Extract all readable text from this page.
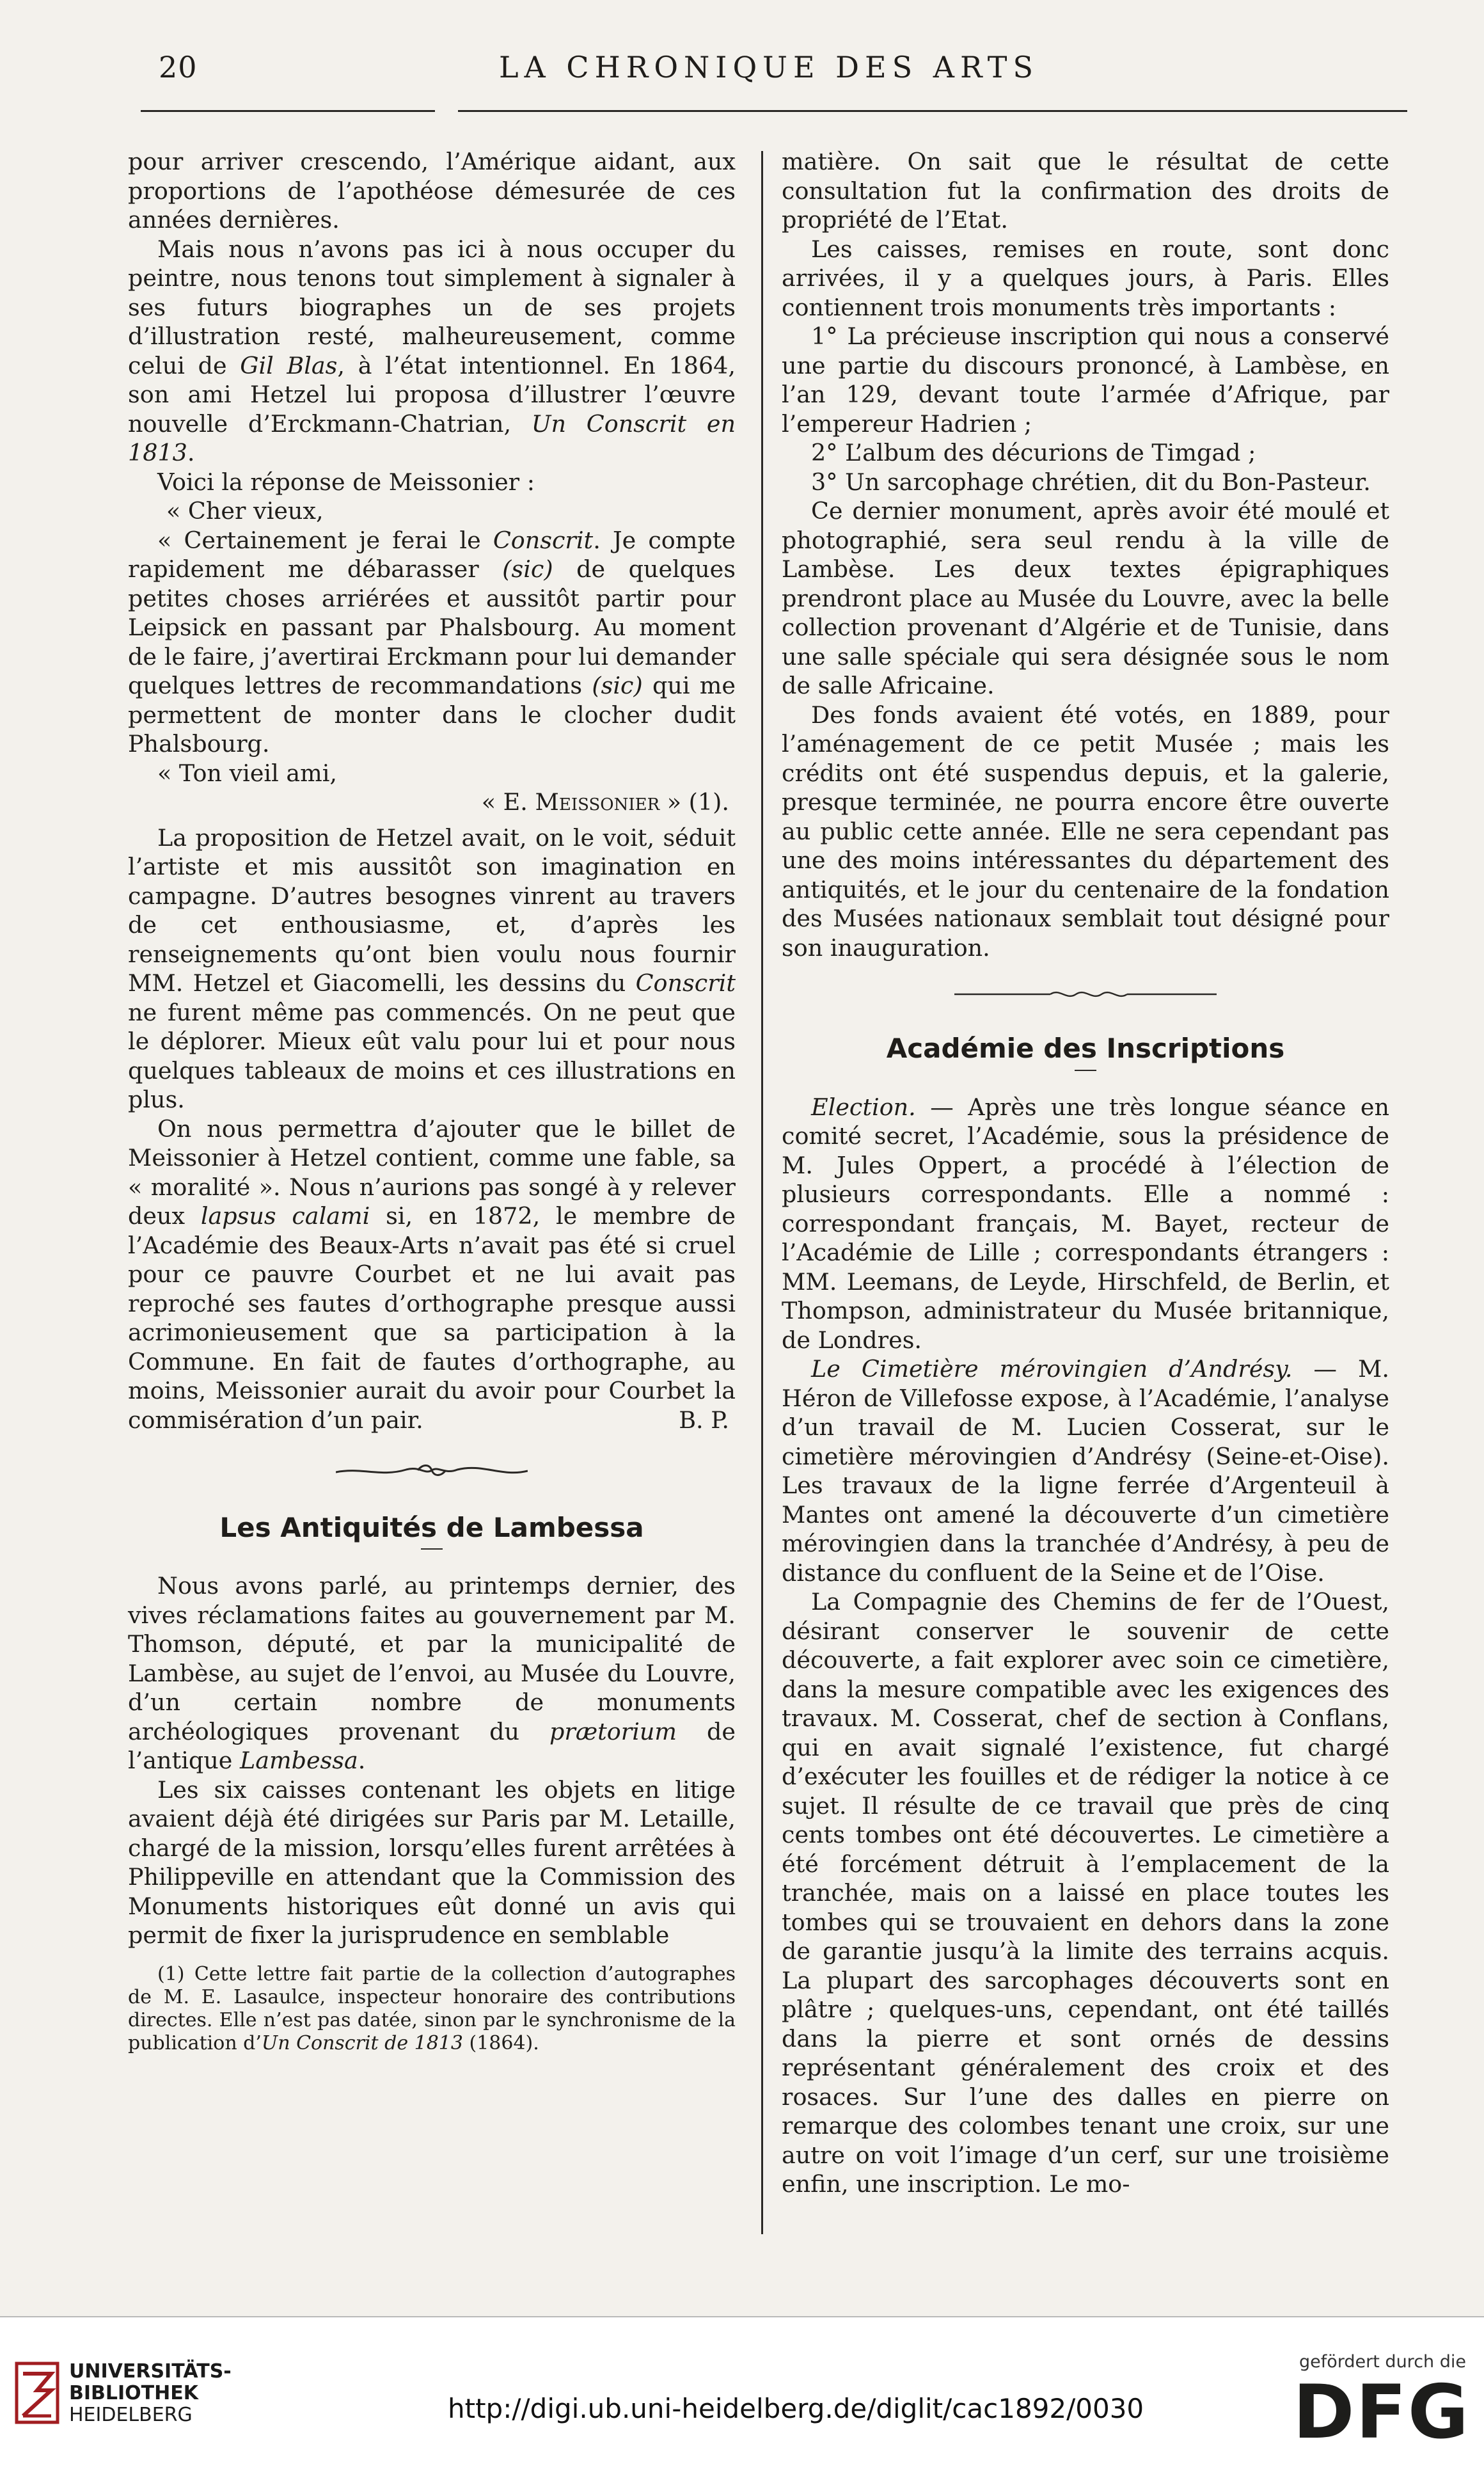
20	LA CHRONIQUE DES ARTS

pour arriver crescendo, l’Amérique aidant, aux proportions de l’apothéose démesurée de ces années dernières.

Mais nous n’avons pas ici à nous occuper du peintre, nous tenons tout simplement à signaler à ses futurs biographes un de ses projets d’illustration resté, malheureusement, comme celui de Gil Blas, à l’état intentionnel. En 1864, son ami Hetzel lui proposa d’illustrer l’œuvre nouvelle d’Erckmann-Chatrian, Un Conscrit en 1813.

Voici la réponse de Meissonier :

« Cher vieux,

« Certainement je ferai le Conscrit. Je compte rapidement me débarasser (sic) de quelques petites choses arriérées et aussitôt partir pour Leipsick en passant par Phalsbourg. Au moment de le faire, j’avertirai Erckmann pour lui demander quelques lettres de recommandations (sic) qui me permettent de monter dans le clocher dudit Phalsbourg.

« Ton vieil ami,

« E. Meissonier » (1).

La proposition de Hetzel avait, on le voit, séduit l’artiste et mis aussitôt son imagination en campagne. D’autres besognes vinrent au travers de cet enthousiasme, et, d’après les renseignements qu’ont bien voulu nous fournir MM. Hetzel et Giacomelli, les dessins du Conscrit ne furent même pas commencés. On ne peut que le déplorer. Mieux eût valu pour lui et pour nous quelques tableaux de moins et ces illustrations en plus.

On nous permettra d’ajouter que le billet de Meissonier à Hetzel contient, comme une fable, sa « moralité ». Nous n’aurions pas songé à y relever deux lapsus calami si, en 1872, le membre de l’Académie des Beaux-Arts n’avait pas été si cruel pour ce pauvre Courbet et ne lui avait pas reproché ses fautes d’orthographe presque aussi acrimonieusement que sa participation à la Commune. En fait de fautes d’orthographe, au moins, Meissonier aurait du avoir pour Courbet la commisération d’un pair.	B. P.

Les Antiquités de Lambessa

Nous avons parlé, au printemps dernier, des vives réclamations faites au gouvernement par M. Thomson, député, et par la municipalité de Lambèse, au sujet de l’envoi, au Musée du Louvre, d’un certain nombre de monuments archéologiques provenant du prætorium de l’antique Lambessa.

Les six caisses contenant les objets en litige avaient déjà été dirigées sur Paris par M. Letaille, chargé de la mission, lorsqu’elles furent arrêtées à Philippeville en attendant que la Commission des Monuments historiques eût donné un avis qui permit de fixer la jurisprudence en semblable

(1) Cette lettre fait partie de la collection d’autographes de M. E. Lasaulce, inspecteur honoraire des contributions directes. Elle n’est pas datée, sinon par le synchronisme de la publication d’Un Conscrit de 1813 (1864).

matière. On sait que le résultat de cette consultation fut la confirmation des droits de propriété de l’Etat.

Les caisses, remises en route, sont donc arrivées, il y a quelques jours, à Paris. Elles contiennent trois monuments très importants :

1° La précieuse inscription qui nous a conservé une partie du discours prononcé, à Lambèse, en l’an 129, devant toute l’armée d’Afrique, par l’empereur Hadrien ;

2° L’album des décurions de Timgad ;

3° Un sarcophage chrétien, dit du Bon-Pasteur.

Ce dernier monument, après avoir été moulé et photographié, sera seul rendu à la ville de Lambèse. Les deux textes épigraphiques prendront place au Musée du Louvre, avec la belle collection provenant d’Algérie et de Tunisie, dans une salle spéciale qui sera désignée sous le nom de salle Africaine.

Des fonds avaient été votés, en 1889, pour l’aménagement de ce petit Musée ; mais les crédits ont été suspendus depuis, et la galerie, presque terminée, ne pourra encore être ouverte au public cette année. Elle ne sera cependant pas une des moins intéressantes du département des antiquités, et le jour du centenaire de la fondation des Musées nationaux semblait tout désigné pour son inauguration.

Académie des Inscriptions

Election. — Après une très longue séance en comité secret, l’Académie, sous la présidence de M. Jules Oppert, a procédé à l’élection de plusieurs correspondants. Elle a nommé : correspondant français, M. Bayet, recteur de l’Académie de Lille ; correspondants étrangers : MM. Leemans, de Leyde, Hirschfeld, de Berlin, et Thompson, administrateur du Musée britannique, de Londres.

Le Cimetière mérovingien d’Andrésy. — M. Héron de Villefosse expose, à l’Académie, l’analyse d’un travail de M. Lucien Cosserat, sur le cimetière mérovingien d’Andrésy (Seine-et-Oise). Les travaux de la ligne ferrée d’Argenteuil à Mantes ont amené la découverte d’un cimetière mérovingien dans la tranchée d’Andrésy, à peu de distance du confluent de la Seine et de l’Oise.

La Compagnie des Chemins de fer de l’Ouest, désirant conserver le souvenir de cette découverte, a fait explorer avec soin ce cimetière, dans la mesure compatible avec les exigences des travaux. M. Cosserat, chef de section à Conflans, qui en avait signalé l’existence, fut chargé d’exécuter les fouilles et de rédiger la notice à ce sujet. Il résulte de ce travail que près de cinq cents tombes ont été découvertes. Le cimetière a été forcément détruit à l’emplacement de la tranchée, mais on a laissé en place toutes les tombes qui se trouvaient en dehors dans la zone de garantie jusqu’à la limite des terrains acquis. La plupart des sarcophages découverts sont en plâtre ; quelques-uns, cependant, ont été taillés dans la pierre et sont ornés de dessins représentant généralement des croix et des rosaces. Sur l’une des dalles en pierre on remarque des colombes tenant une croix, sur une autre on voit l’image d’un cerf, sur une troisième enfin, une inscription. Le mo-

UNIVERSITÄTS-
BIBLIOTHEK
HEIDELBERG	http://digi.ub.uni-heidelberg.de/diglit/cac1892/0030
gefördert durch die
DFG
